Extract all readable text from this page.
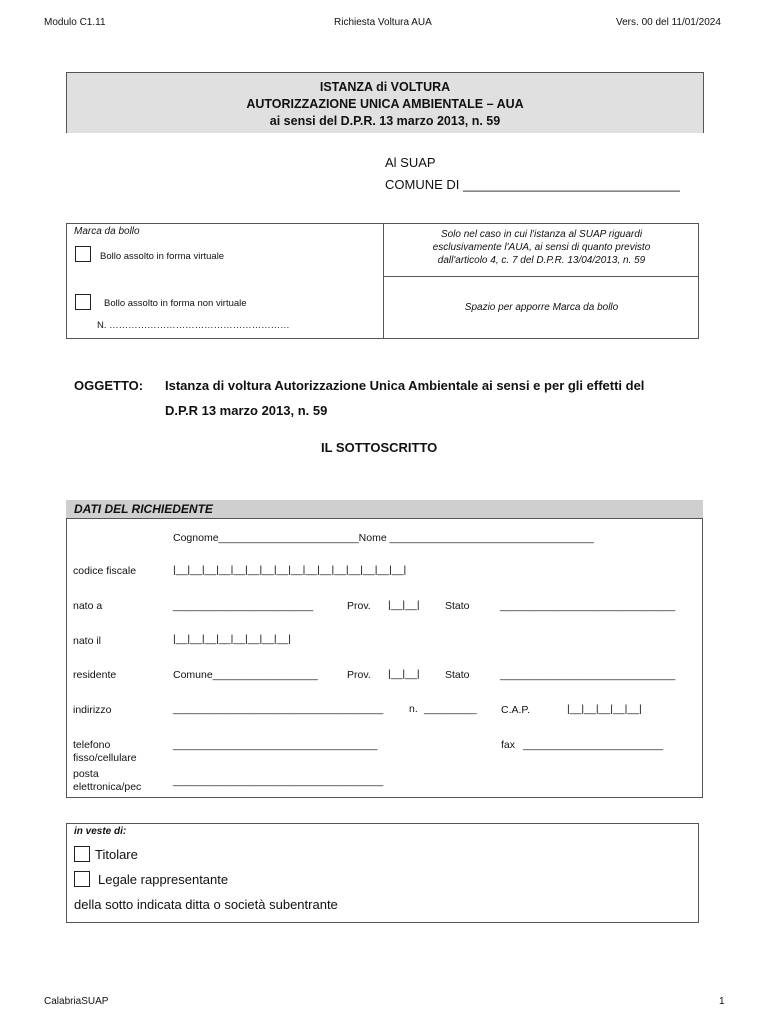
Modulo C1.11	Richiesta Voltura AUA	Vers. 00 del 11/01/2024
ISTANZA di VOLTURA
AUTORIZZAZIONE UNICA AMBIENTALE – AUA
ai sensi del D.P.R. 13 marzo 2013, n. 59
Al SUAP
COMUNE DI ______________________________
Marca da bollo
Bollo assolto in forma virtuale
Bollo assolto in forma non virtuale
N. …………………………………………………
Solo nel caso in cui l'istanza al SUAP riguardi
esclusivamente l'AUA, ai sensi di quanto previsto
dall'articolo 4, c. 7 del D.P.R. 13/04/2013, n. 59
Spazio per apporre Marca da bollo
OGGETTO: Istanza di voltura Autorizzazione Unica Ambientale ai sensi e per gli effetti del
D.P.R 13 marzo 2013, n. 59
IL SOTTOSCRITTO
DATI DEL RICHIEDENTE
Cognome________________________Nome ___________________________________
codice fiscale	|__|__|__|__|__|__|__|__|__|__|__|__|__|__|__|__|
nato a	________________________	Prov. |__|__| Stato	______________________________
nato il	|__|__|__|__|__|__|__|__|
residente	Comune__________________	Prov. |__|__| Stato	______________________________
indirizzo	____________________________________ n. _________ C.A.P.	|__|__|__|__|__|
telefono
fisso/cellulare
___________________________________	fax ________________________
posta
elettronica/pec	____________________________________
in veste di:
Titolare
Legale rappresentante
della sotto indicata ditta o società subentrante
CalabriaSUAP	1
